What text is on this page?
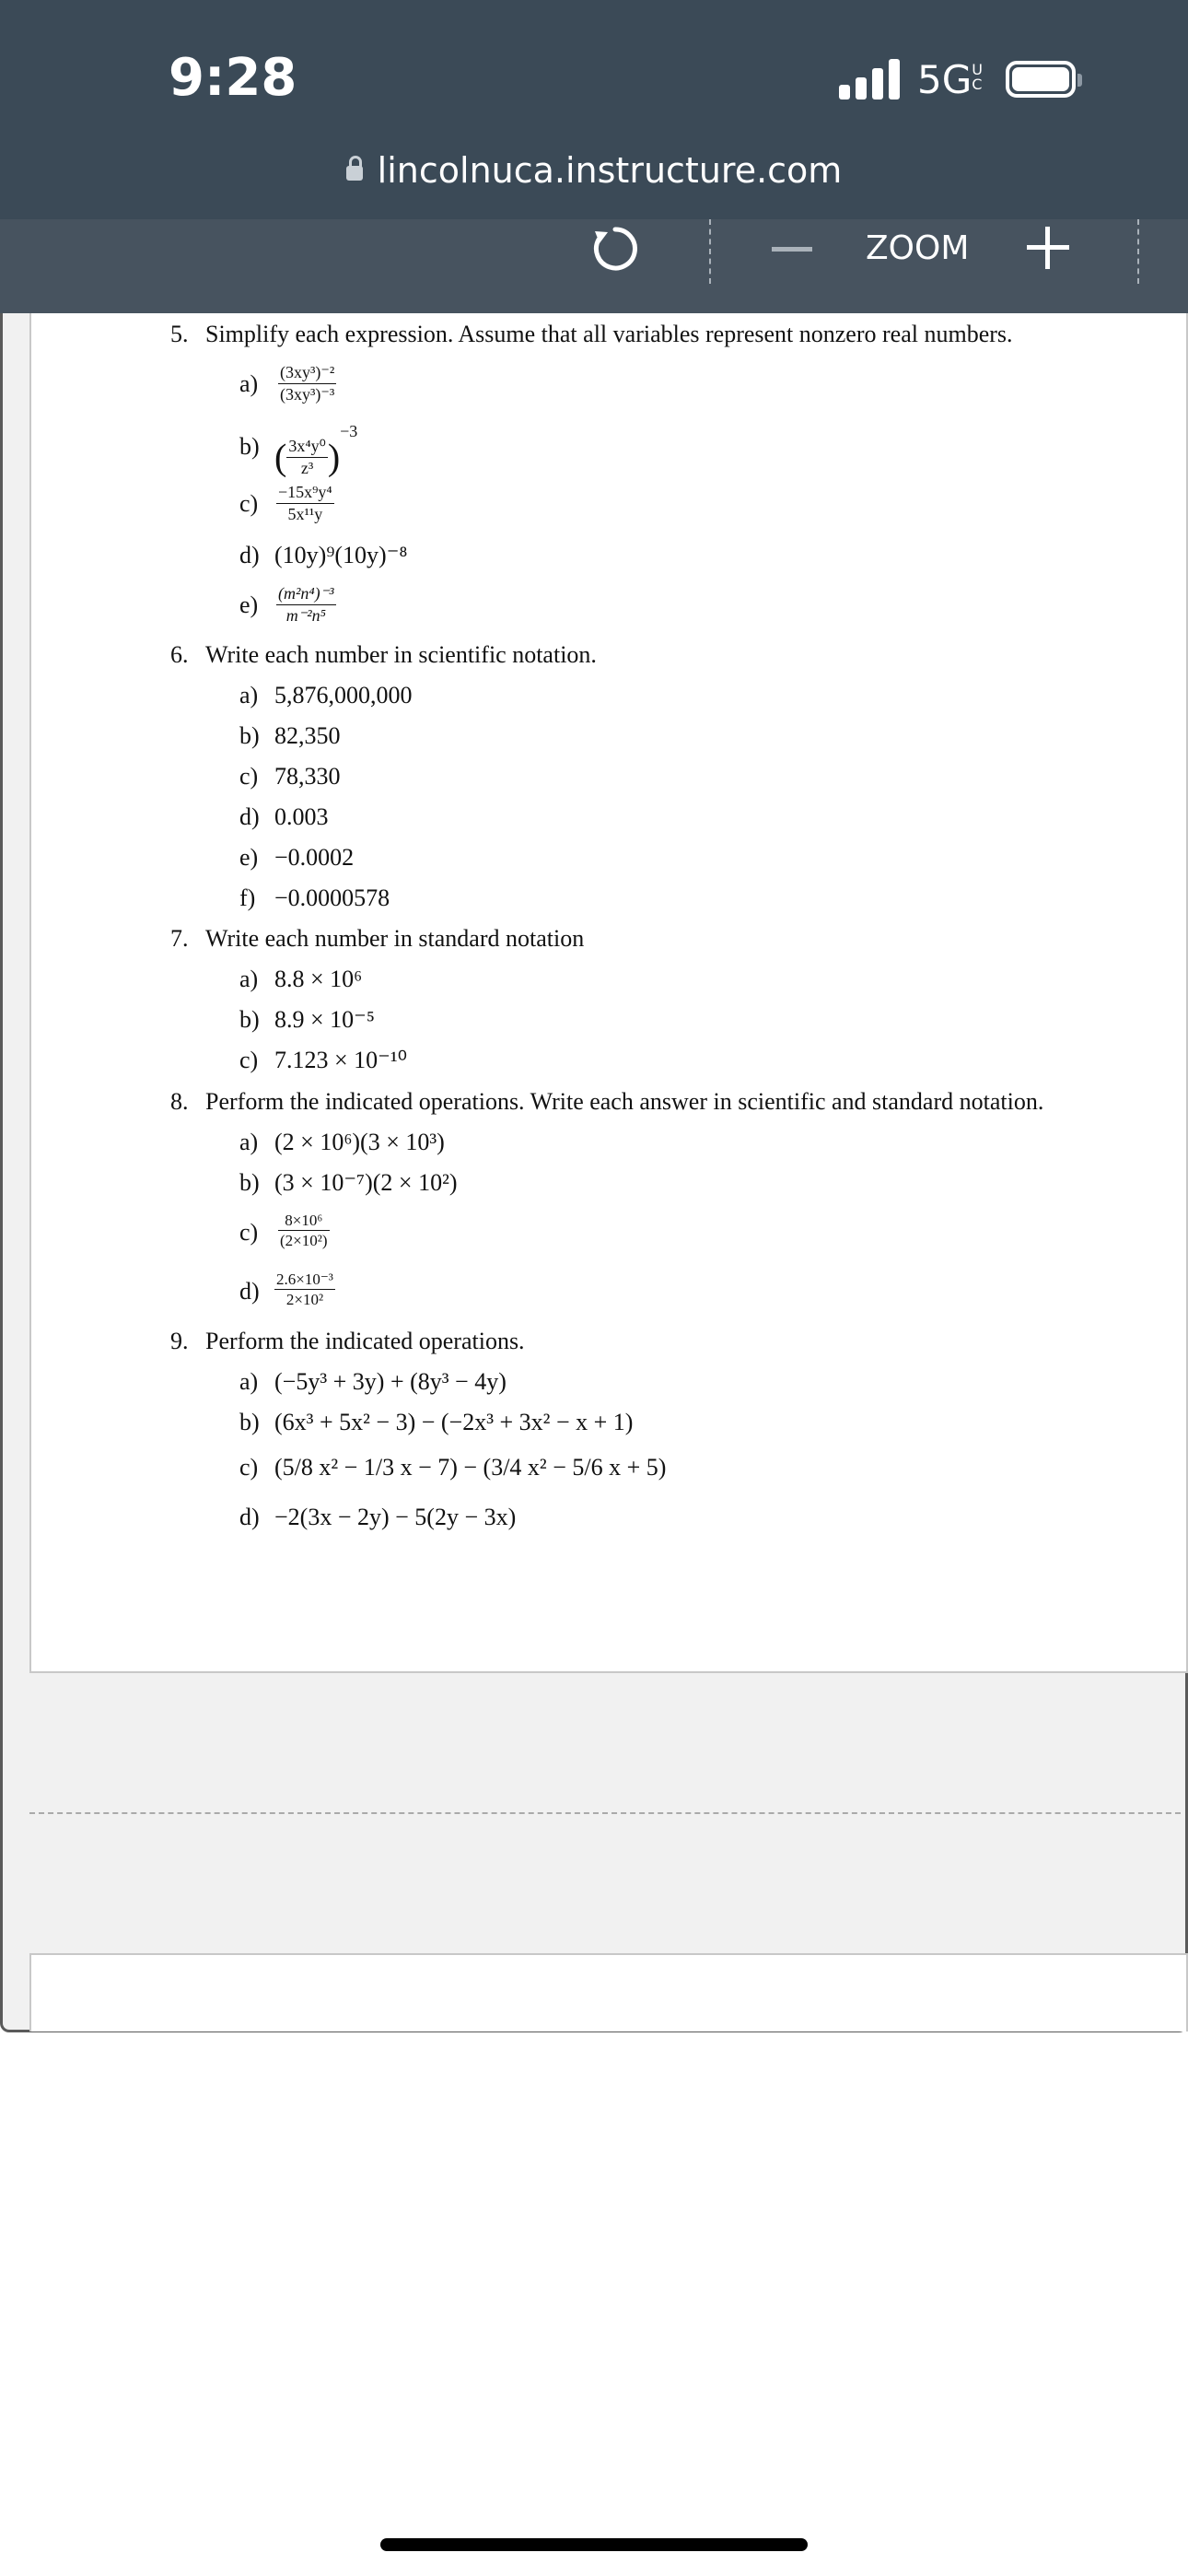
9:28	5GUC
lincolnuca.instructure.com
ZOOM
5. Simplify each expression. Assume that all variables represent nonzero real numbers.
$a) \frac{\text{(3xy³)⁻²}}{\text{(3xy³)⁻³}}$
b) ( $\frac{\text{3x⁴y⁰}}{\text{z³}} )^{-3}$
$c) \frac{\text{−15x⁹y⁴}}{\text{5x¹¹y}}$
d) (10y)⁹(10y)⁻⁸
$e) \frac{\text{(m²n⁴)⁻³}}{\text{m⁻²n⁵}}$
6. Write each number in scientific notation.
a) 5,876,000,000
b) 82,350
c) 78,330
d) 0.003
e) −0.0002
f) −0.0000578
7. Write each number in standard notation
a) 8.8 × 10⁶
b) 8.9 × 10⁻⁵
c) 7.123 × 10⁻¹⁰
8. Perform the indicated operations. Write each answer in scientific and standard notation.
a) (2 × 10⁶)(3 × 10³)
b) (3 × 10⁻⁷)(2 × 10²)
$c) \frac{\text{8×10⁶}}{\text{(2×10²)}}$
$d) \frac{\text{2.6×10⁻³}}{\text{2×10²}}$
9. Perform the indicated operations.
a) (−5y³ + 3y) + (8y³ − 4y)
b) (6x³ + 5x² − 3) − (−2x³ + 3x² − x + 1)
c) (5/8 x² − 1/3 x − 7) − (3/4 x² − 5/6 x + 5)
d) −2(3x − 2y) − 5(2y − 3x)
